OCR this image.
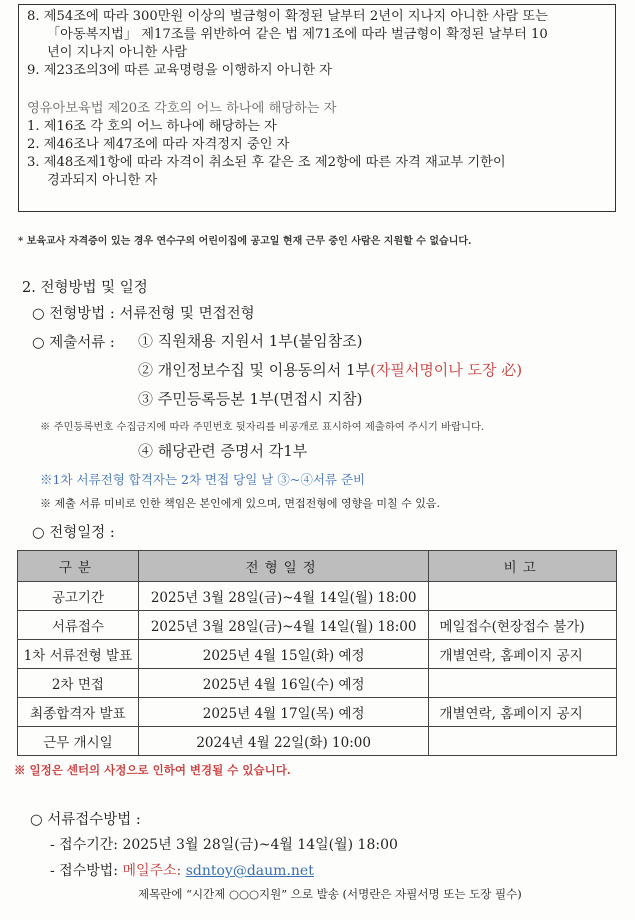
8. 제54조에 따라 300만원 이상의 벌금형이 확정된 날부터 2년이 지나지 아니한 사람 또는
「아동복지법」 제17조를 위반하여 같은 법 제71조에 따라 벌금형이 확정된 날부터 10
년이 지나지 아니한 사람
9. 제23조의3에 따른 교육명령을 이행하지 아니한 자
영유아보육법 제20조 각호의 어느 하나에 해당하는 자
1. 제16조 각 호의 어느 하나에 해당하는 자
2. 제46조나 제47조에 따라 자격정지 중인 자
3. 제48조제1항에 따라 자격이 취소된 후 같은 조 제2항에 따른 자격 재교부 기한이
경과되지 아니한 자
* 보육교사 자격증이 있는 경우 연수구의 어린이집에 공고일 현재 근무 중인 사람은 지원할 수 없습니다.
2. 전형방법 및 일정
○ 전형방법 : 서류전형 및 면접전형
○ 제출서류 : ① 직원채용 지원서 1부(붙임참조)
② 개인정보수집 및 이용동의서 1부(자필서명이나 도장 必)
③ 주민등록등본 1부(면접시 지참)
※ 주민등록번호 수집금지에 따라 주민번호 뒷자리를 비공개로 표시하여 제출하여 주시기 바랍니다.
④ 해당관련 증명서 각1부
※1차 서류전형 합격자는 2차 면접 당일 날 ③~④서류 준비
※ 제출 서류 미비로 인한 책임은 본인에게 있으며, 면접전형에 영향을 미칠 수 있음.
○ 전형일정 :
구분	전형일정	비고
공고기간	2025년 3월 28일(금)~4월 14일(월) 18:00	
서류접수	2025년 3월 28일(금)~4월 14일(월) 18:00	메일접수(현장접수 불가)
1차 서류전형 발표	2025년 4월 15일(화) 예정	개별연락, 홈페이지 공지
2차 면접	2025년 4월 16일(수) 예정	
최종합격자 발표	2025년 4월 17일(목) 예정	개별연락, 홈페이지 공지
근무 개시일	2024년 4월 22일(화) 10:00	
※ 일정은 센터의 사정으로 인하여 변경될 수 있습니다.
○ 서류접수방법 :
- 접수기간: 2025년 3월 28일(금)~4월 14일(월) 18:00
- 접수방법: 메일주소: sdntoy@daum.net
제목란에 “시간제 ○○○지원” 으로 발송 (서명란은 자필서명 또는 도장 필수)
